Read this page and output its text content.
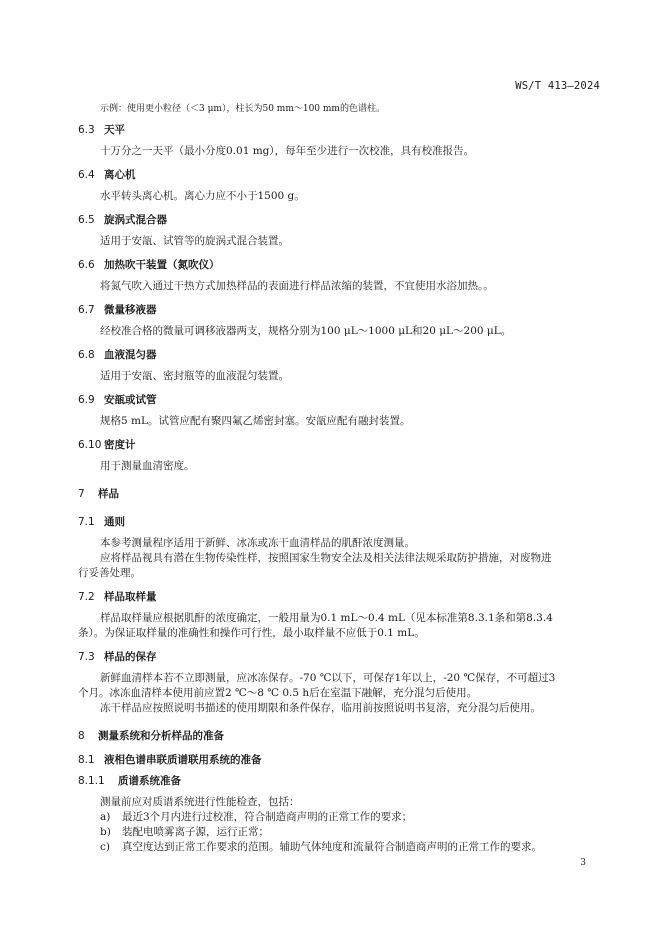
WS/T 413—2024

示例：使用更小粒径（＜3 μm），柱长为50 mm～100 mm的色谱柱。

6.3 天平

十万分之一天平（最小分度0.01 mg），每年至少进行一次校准，具有校准报告。

6.4 离心机

水平转头离心机。离心力应不小于1500 g。

6.5 旋涡式混合器

适用于安瓿、试管等的旋涡式混合装置。

6.6 加热吹干装置（氮吹仪）

将氮气吹入通过干热方式加热样品的表面进行样品浓缩的装置，不宜使用水浴加热。。

6.7 微量移液器

经校准合格的微量可调移液器两支，规格分别为100 μL～1000 μL和20 μL～200 μL。

6.8 血液混匀器

适用于安瓿、密封瓶等的血液混匀装置。

6.9 安瓿或试管

规格5 mL。试管应配有聚四氟乙烯密封塞。安瓿应配有融封装置。

6.10 密度计

用于测量血清密度。

7 样品

7.1 通则

本参考测量程序适用于新鲜、冰冻或冻干血清样品的肌酐浓度测量。

应将样品视具有潜在生物传染性样，按照国家生物安全法及相关法律法规采取防护措施，对废物进

行妥善处理。

7.2 样品取样量

样品取样量应根据肌酐的浓度确定，一般用量为0.1 mL～0.4 mL（见本标准第8.3.1条和第8.3.4

条）。为保证取样量的准确性和操作可行性，最小取样量不应低于0.1 mL。

7.3 样品的保存

新鲜血清样本若不立即测量，应冰冻保存。-70 ℃以下，可保存1年以上，-20 ℃保存，不可超过3

个月。冰冻血清样本使用前应置2 ℃～8 ℃ 0.5 h后在室温下融解，充分混匀后使用。

冻干样品应按照说明书描述的使用期限和条件保存，临用前按照说明书复溶，充分混匀后使用。

8 测量系统和分析样品的准备

8.1 液相色谱串联质谱联用系统的准备

8.1.1 质谱系统准备

测量前应对质谱系统进行性能检查，包括：

a)	最近3个月内进行过校准，符合制造商声明的正常工作的要求；
b)	装配电喷雾离子源，运行正常；
c)	真空度达到正常工作要求的范围。辅助气体纯度和流量符合制造商声明的正常工作的要求。
3
